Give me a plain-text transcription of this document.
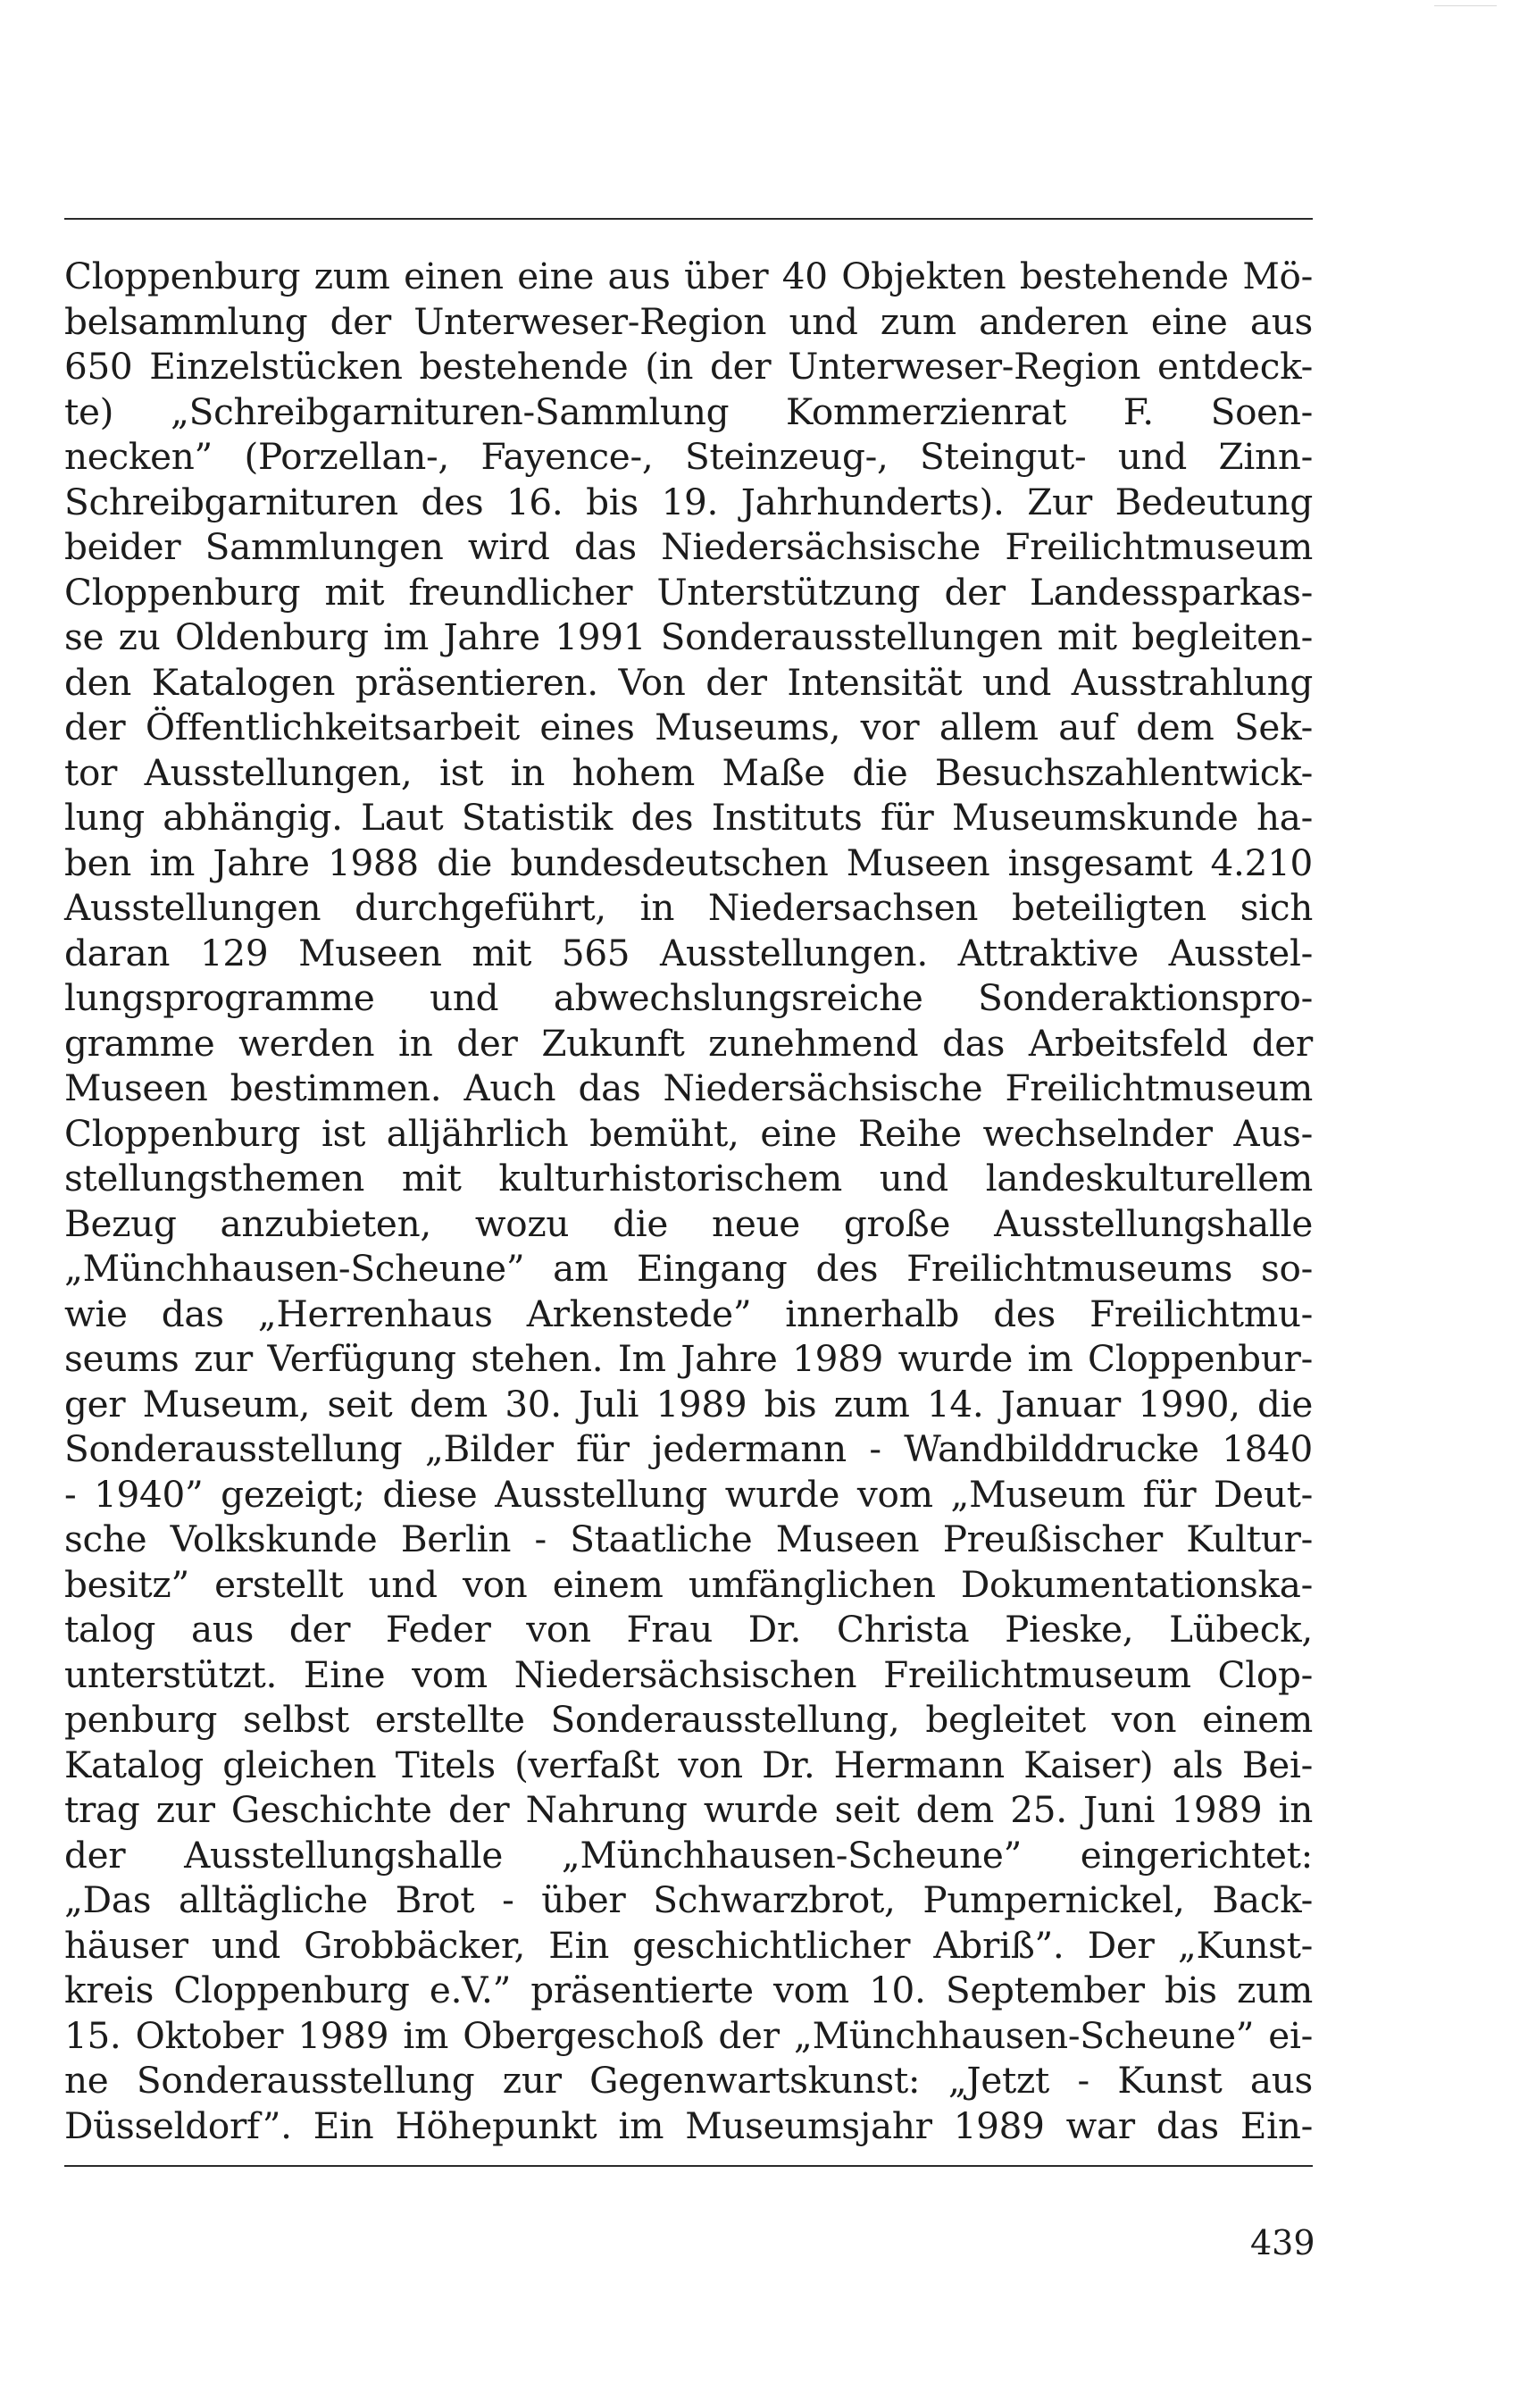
Cloppenburg zum einen eine aus über 40 Objekten bestehende Mö-
belsammlung der Unterweser-Region und zum anderen eine aus
650 Einzelstücken bestehende (in der Unterweser-Region entdeck-
te) „Schreibgarnituren-Sammlung Kommerzienrat F. Soen-
necken” (Porzellan-, Fayence-, Steinzeug-, Steingut- und Zinn-
Schreibgarnituren des 16. bis 19. Jahrhunderts). Zur Bedeutung
beider Sammlungen wird das Niedersächsische Freilichtmuseum
Cloppenburg mit freundlicher Unterstützung der Landessparkas-
se zu Oldenburg im Jahre 1991 Sonderausstellungen mit begleiten-
den Katalogen präsentieren. Von der Intensität und Ausstrahlung
der Öffentlichkeitsarbeit eines Museums, vor allem auf dem Sek-
tor Ausstellungen, ist in hohem Maße die Besuchszahlentwick-
lung abhängig. Laut Statistik des Instituts für Museumskunde ha-
ben im Jahre 1988 die bundesdeutschen Museen insgesamt 4.210
Ausstellungen durchgeführt, in Niedersachsen beteiligten sich
daran 129 Museen mit 565 Ausstellungen. Attraktive Ausstel-
lungsprogramme und abwechslungsreiche Sonderaktionspro-
gramme werden in der Zukunft zunehmend das Arbeitsfeld der
Museen bestimmen. Auch das Niedersächsische Freilichtmuseum
Cloppenburg ist alljährlich bemüht, eine Reihe wechselnder Aus-
stellungsthemen mit kulturhistorischem und landeskulturellem
Bezug anzubieten, wozu die neue große Ausstellungshalle
„Münchhausen-Scheune” am Eingang des Freilichtmuseums so-
wie das „Herrenhaus Arkenstede” innerhalb des Freilichtmu-
seums zur Verfügung stehen. Im Jahre 1989 wurde im Cloppenbur-
ger Museum, seit dem 30. Juli 1989 bis zum 14. Januar 1990, die
Sonderausstellung „Bilder für jedermann - Wandbilddrucke 1840
- 1940” gezeigt; diese Ausstellung wurde vom „Museum für Deut-
sche Volkskunde Berlin - Staatliche Museen Preußischer Kultur-
besitz” erstellt und von einem umfänglichen Dokumentationska-
talog aus der Feder von Frau Dr. Christa Pieske, Lübeck,
unterstützt. Eine vom Niedersächsischen Freilichtmuseum Clop-
penburg selbst erstellte Sonderausstellung, begleitet von einem
Katalog gleichen Titels (verfaßt von Dr. Hermann Kaiser) als Bei-
trag zur Geschichte der Nahrung wurde seit dem 25. Juni 1989 in
der Ausstellungshalle „Münchhausen-Scheune” eingerichtet:
„Das alltägliche Brot - über Schwarzbrot, Pumpernickel, Back-
häuser und Grobbäcker, Ein geschichtlicher Abriß”. Der „Kunst-
kreis Cloppenburg e.V.” präsentierte vom 10. September bis zum
15. Oktober 1989 im Obergeschoß der „Münchhausen-Scheune” ei-
ne Sonderausstellung zur Gegenwartskunst: „Jetzt - Kunst aus
Düsseldorf”. Ein Höhepunkt im Museumsjahr 1989 war das Ein-
439
